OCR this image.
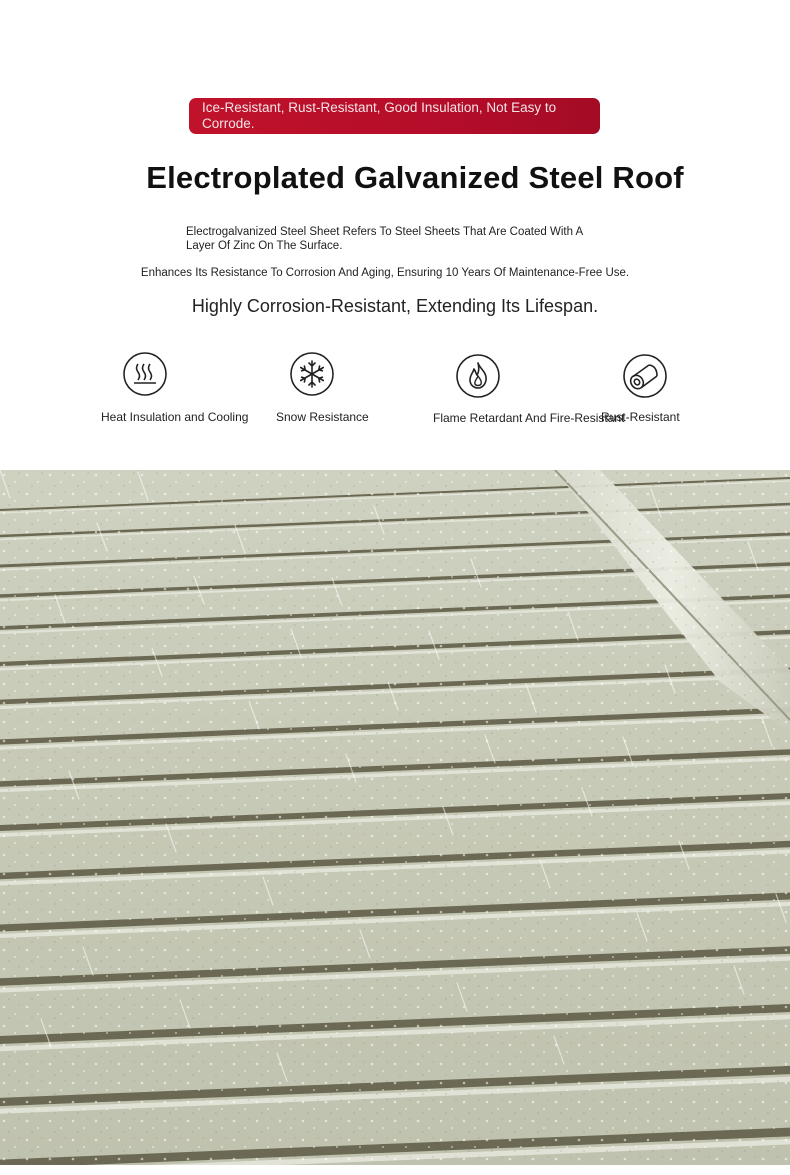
Ice-Resistant, Rust-Resistant, Good Insulation, Not Easy to Corrode.
Electroplated Galvanized Steel Roof
Electrogalvanized Steel Sheet Refers To Steel Sheets That Are Coated With A Layer Of Zinc On The Surface.
Enhances Its Resistance To Corrosion And Aging, Ensuring 10 Years Of Maintenance-Free Use.
Highly Corrosion-Resistant, Extending Its Lifespan.
Heat Insulation and Cooling Snow Resistance	Flame Retardant And Fire-Resistant
Rust-Resistant
